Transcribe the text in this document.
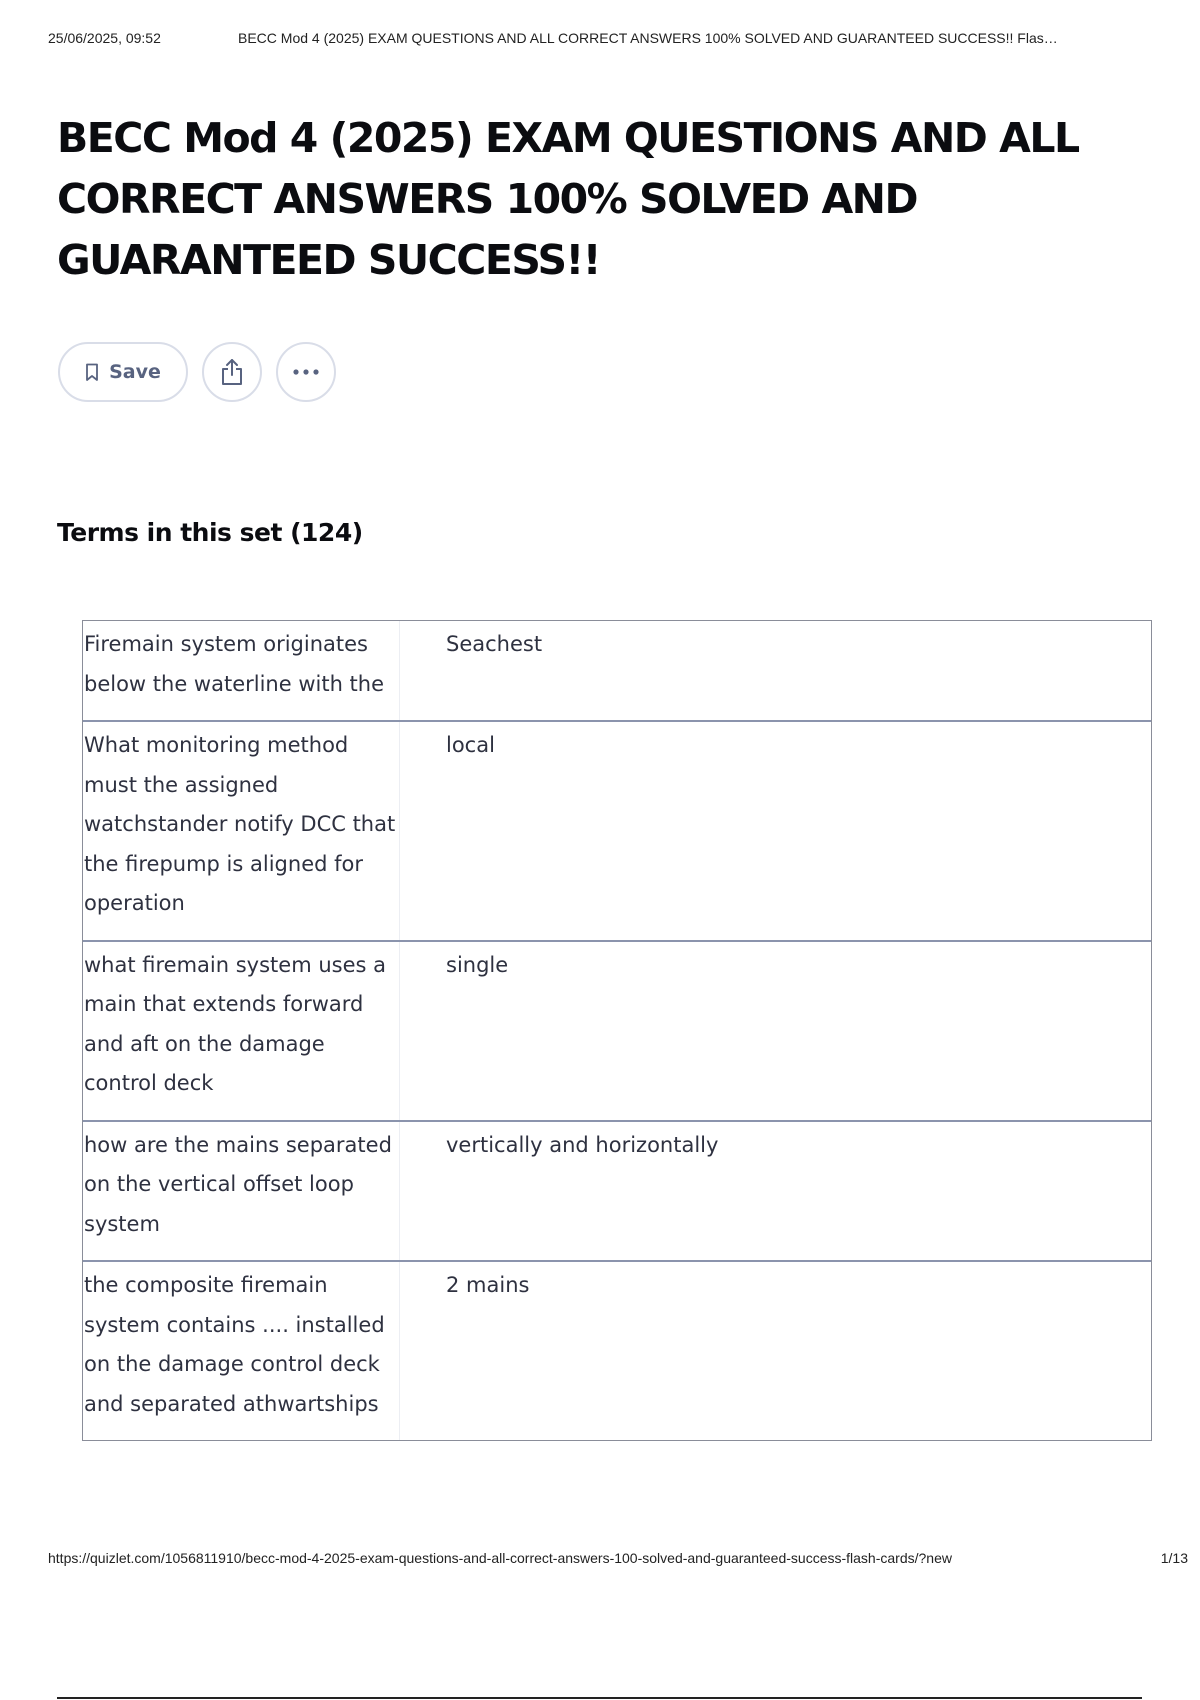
25/06/2025, 09:52	BECC Mod 4 (2025) EXAM QUESTIONS AND ALL CORRECT ANSWERS 100% SOLVED AND GUARANTEED SUCCESS!! Flas…
BECC Mod 4 (2025) EXAM QUESTIONS AND ALL CORRECT ANSWERS 100% SOLVED AND GUARANTEED SUCCESS!!
Save
Terms in this set (124)
Firemain system originates below the waterline with the
Seachest
What monitoring method must the assigned watchstander notify DCC that the firepump is aligned for operation
local
what firemain system uses a main that extends forward and aft on the damage control deck
single
how are the mains separated on the vertical offset loop system
vertically and horizontally
the composite firemain system contains .... installed on the damage control deck and separated athwartships
2 mains
https://quizlet.com/1056811910/becc-mod-4-2025-exam-questions-and-all-correct-answers-100-solved-and-guaranteed-success-flash-cards/?new	1/13
